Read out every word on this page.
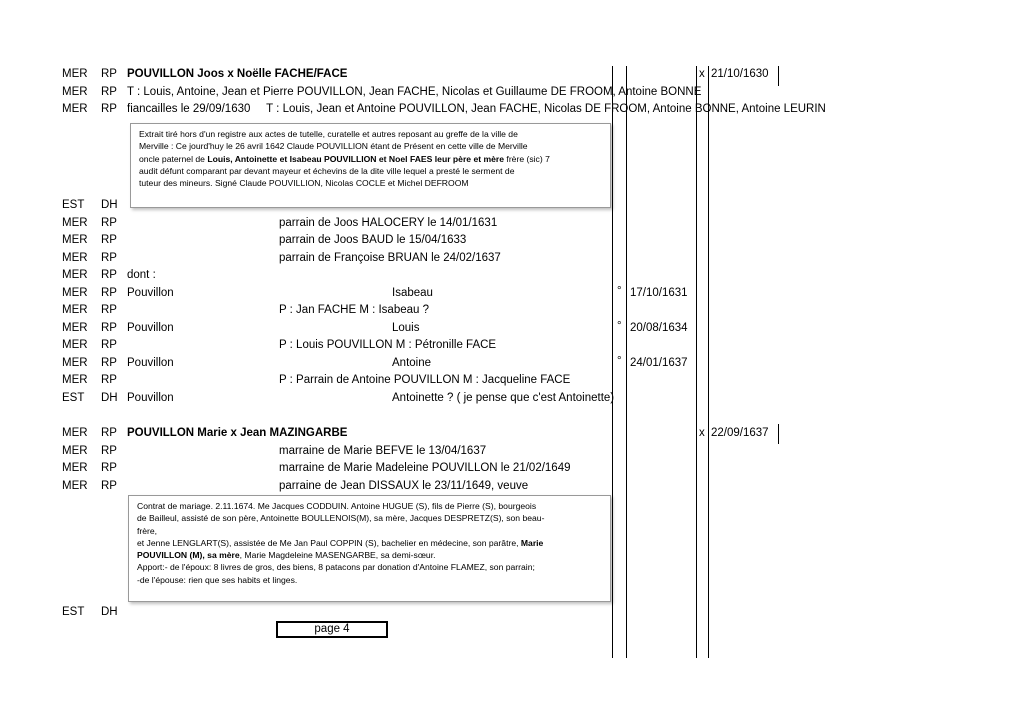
MER RP POUVILLON Joos x Noëlle FACHE/FACE	x 21/10/1630
MER RP T : Louis, Antoine, Jean et Pierre POUVILLON, Jean FACHE, Nicolas et Guillaume DE FROOM, Antoine BONNE
MER RP fiancailles le 29/09/1630     T : Louis, Jean et Antoine POUVILLON, Jean FACHE, Nicolas DE FROOM, Antoine BONNE, Antoine LEURIN

Extrait tiré hors d'un registre aux actes de tutelle, curatelle et autres reposant au greffe de la ville de

Merville : Ce jourd'huy le 26 avril 1642 Claude POUVILLION étant de Présent en cette ville de Merville

oncle paternel de Louis, Antoinette et Isabeau POUVILLION et Noel FAES leur père et mère frère (sic) 7

audit défunt comparant par devant mayeur et échevins de la dite ville lequel a presté le serment de

tuteur des mineurs. Signé Claude POUVILLION, Nicolas COCLE et Michel DEFROOM

EST DH
MER RP	parrain de Joos HALOCERY le 14/01/1631
MER RP	parrain de Joos BAUD le 15/04/1633
MER RP	parrain de Françoise BRUAN le 24/02/1637
MER RP dont :
MER RP Pouvillon	Isabeau	° 17/10/1631
MER RP	P : Jan FACHE M : Isabeau ?
MER RP Pouvillon	Louis	° 20/08/1634
MER RP	P : Louis POUVILLON M : Pétronille FACE
MER RP Pouvillon	Antoine	° 24/01/1637
MER RP	P : Parrain de Antoine POUVILLON M : Jacqueline FACE
EST DH Pouvillon	Antoinette ? ( je pense que c'est Antoinette)
MER RP POUVILLON Marie x Jean MAZINGARBE	x 22/09/1637
MER RP	marraine de Marie BEFVE le 13/04/1637
MER RP	marraine de Marie Madeleine POUVILLON le 21/02/1649
MER RP	parraine de Jean DISSAUX le 23/11/1649, veuve

Contrat de mariage. 2.11.1674. Me Jacques CODDUIN. Antoine HUGUE (S), fils de Pierre (S), bourgeois

de Bailleul, assisté de son père, Antoinette BOULLENOIS(M), sa mère, Jacques DESPRETZ(S), son beau-

frère,

et Jenne LENGLART(S), assistée de Me Jan Paul COPPIN (S), bachelier en médecine, son parâtre, Marie

POUVILLON (M), sa mère, Marie Magdeleine MASENGARBE, sa demi-sœur.

Apport:- de l'époux: 8 livres de gros, des biens, 8 patacons par donation d'Antoine FLAMEZ, son parrain;

-de l'épouse: rien que ses habits et linges.

EST DH
page 4
